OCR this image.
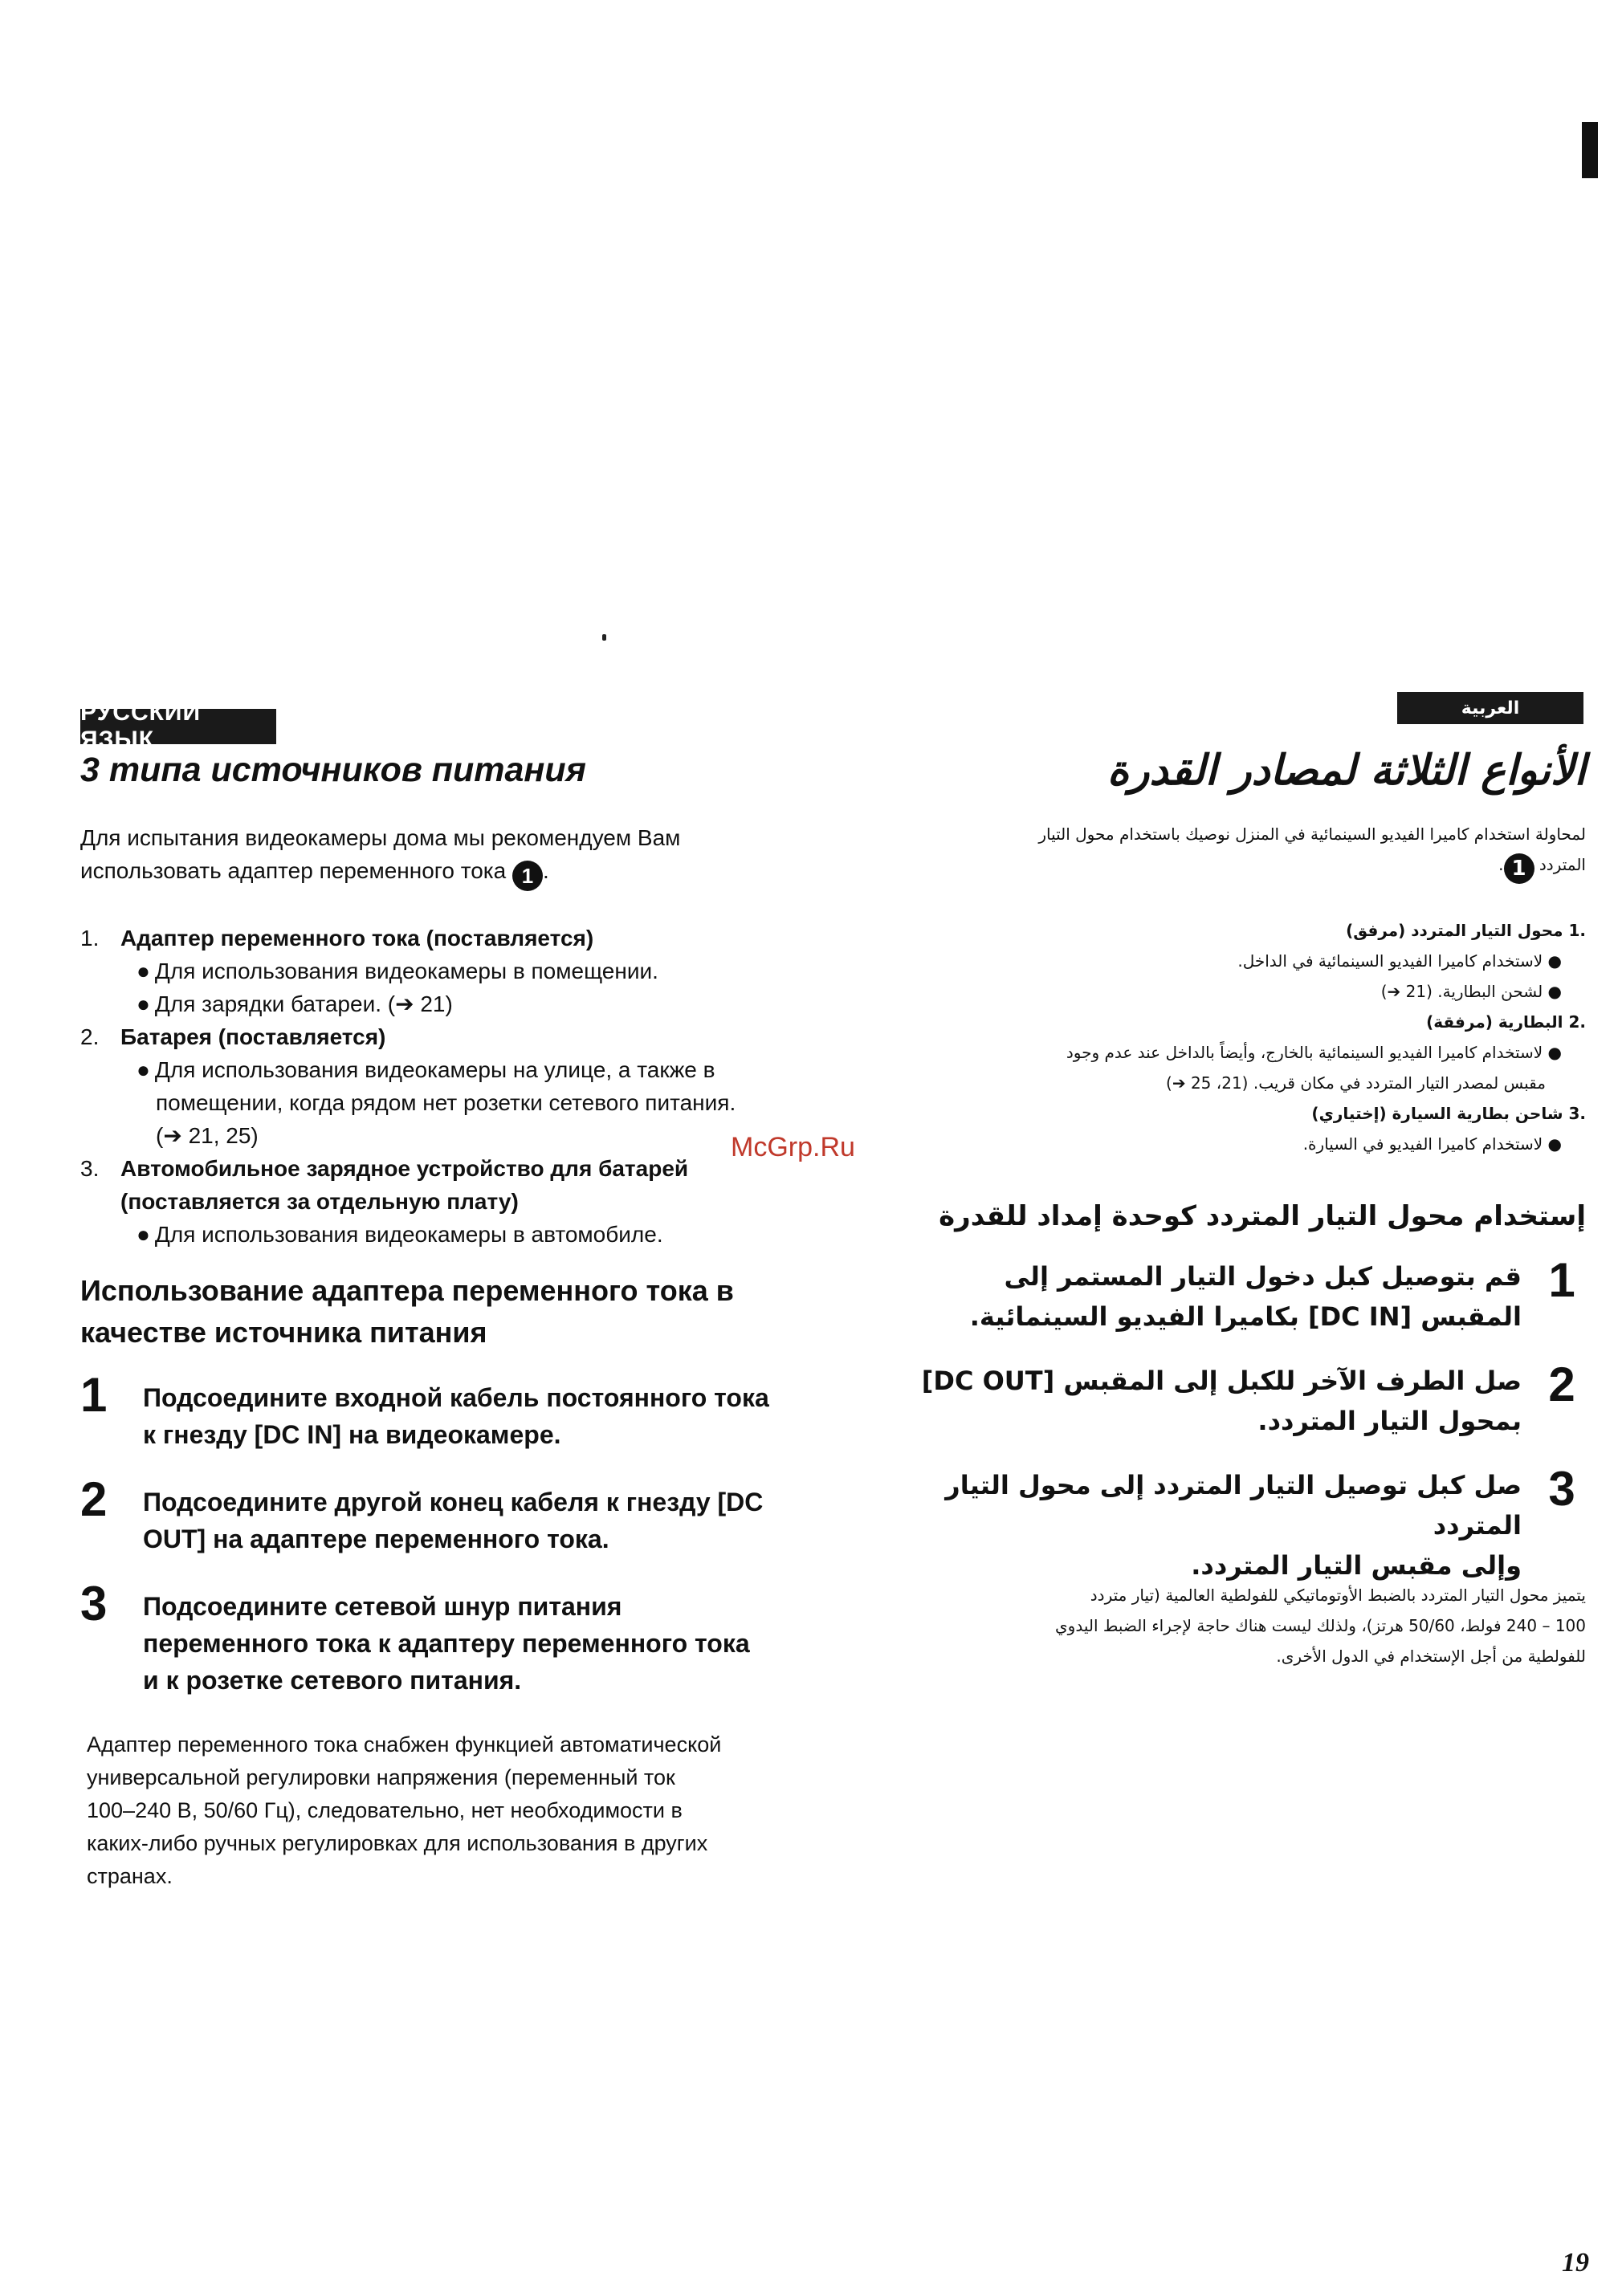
РУССКИЙ ЯЗЫК
3 типа источников питания

Для испытания видеокамеры дома мы рекомендуем Вам

использовать адаптер переменного тока 1 .

1. Адаптер переменного тока (поставляется)
● Для использования видеокамеры в помещении.
● Для зарядки батареи. (➔ 21)
2. Батарея (поставляется)
● Для использования видеокамеры на улице, а также в
помещении, когда рядом нет розетки сетевого питания.
(➔ 21, 25)
3. Автомобильное зарядное устройство для батарей
(поставляется за отдельную плату)
● Для использования видеокамеры в автомобиле.
Использование адаптера переменного тока в
качестве источника питания
1	Подсоедините входной кабель постоянного тока
к гнезду [DC IN] на видеокамере.
2	Подсоедините другой конец кабеля к гнезду [DC
OUT] на адаптере переменного тока.
3	Подсоедините сетевой шнур питания
переменного тока к адаптеру переменного тока
и к розетке сетевого питания.
Адаптер переменного тока снабжен функцией автоматической
универсальной регулировки напряжения (переменный ток
100–240 В, 50/60 Гц), следовательно, нет необходимости в
каких-либо ручных регулировках для использования в других
странах.
McGrp.Ru
العربية
الأنواع الثلاثة لمصادر القدرة
لمحاولة استخدام كاميرا الفيديو السينمائية في المنزل نوصيك باستخدام محول التيار
المتردد 1.
.1 محول التيار المتردد (مرفق)
● لاستخدام كاميرا الفيديو السينمائية في الداخل.
● لشحن البطارية. (21 ➔)
.2 البطارية (مرفقة)
● لاستخدام كاميرا الفيديو السينمائية بالخارج، وأيضاً بالداخل عند عدم وجود
مقبس لمصدر التيار المتردد في مكان قريب. (21، 25 ➔)
.3 شاحن بطارية السيارة (إختياري)
● لاستخدام كاميرا الفيديو في السيارة.
إستخدام محول التيار المتردد كوحدة إمداد للقدرة
1
قم بتوصيل كبل دخول التيار المستمر إلى
المقبس [DC IN] بكاميرا الفيديو السينمائية.
2
صل الطرف الآخر للكبل إلى المقبس [DC OUT]
بمحول التيار المتردد.
3
صل كبل توصيل التيار المتردد إلى محول التيار المتردد
وإلى مقبس التيار المتردد.
يتميز محول التيار المتردد بالضبط الأوتوماتيكي للفولطية العالمية (تيار متردد
100 – 240 فولط، 50/60 هرتز)، ولذلك ليست هناك حاجة لإجراء الضبط اليدوي
للفولطية من أجل الإستخدام في الدول الأخرى.
19
